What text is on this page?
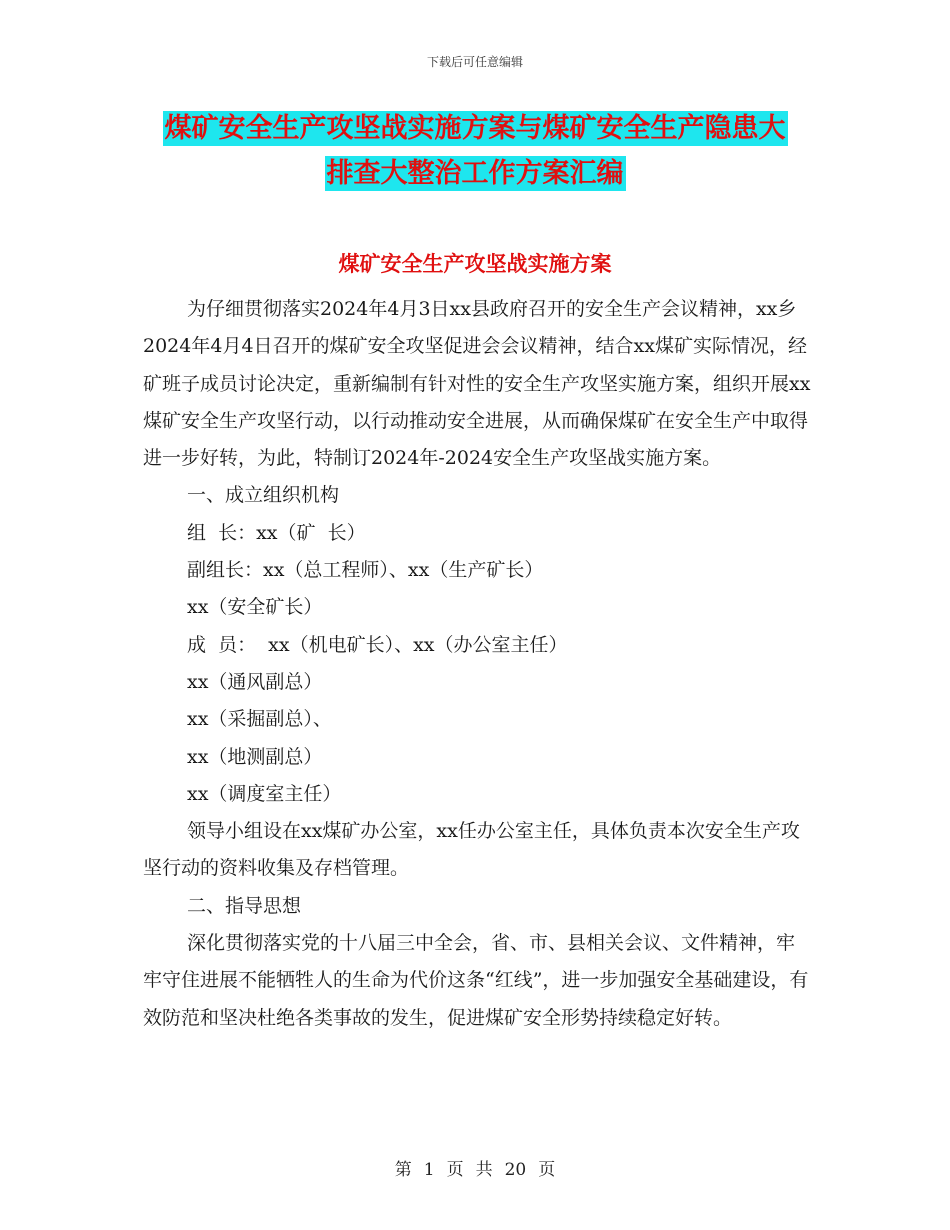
下载后可任意编辑
煤矿安全生产攻坚战实施方案与煤矿安全生产隐患大
排查大整治工作方案汇编
煤矿安全生产攻坚战实施方案

为仔细贯彻落实2024年4月3日xx县政府召开的安全生产会议精神，xx乡2024年4月4日召开的煤矿安全攻坚促进会会议精神，结合xx煤矿实际情况，经矿班子成员讨论决定，重新编制有针对性的安全生产攻坚实施方案，组织开展xx煤矿安全生产攻坚行动，以行动推动安全进展，从而确保煤矿在安全生产中取得进一步好转，为此，特制订2024年-2024安全生产攻坚战实施方案。

一、成立组织机构

组  长：xx（矿  长）

副组长：xx（总工程师）、xx（生产矿长）

xx（安全矿长）

成  员：  xx（机电矿长）、xx（办公室主任）

xx（通风副总）

xx（采掘副总）、

xx（地测副总）

xx（调度室主任）

领导小组设在xx煤矿办公室，xx任办公室主任，具体负责本次安全生产攻坚行动的资料收集及存档管理。

二、指导思想

深化贯彻落实党的十八届三中全会，省、市、县相关会议、文件精神，牢牢守住进展不能牺牲人的生命为代价这条“红线”，进一步加强安全基础建设，有效防范和坚决杜绝各类事故的发生，促进煤矿安全形势持续稳定好转。

第 1 页 共 20 页
